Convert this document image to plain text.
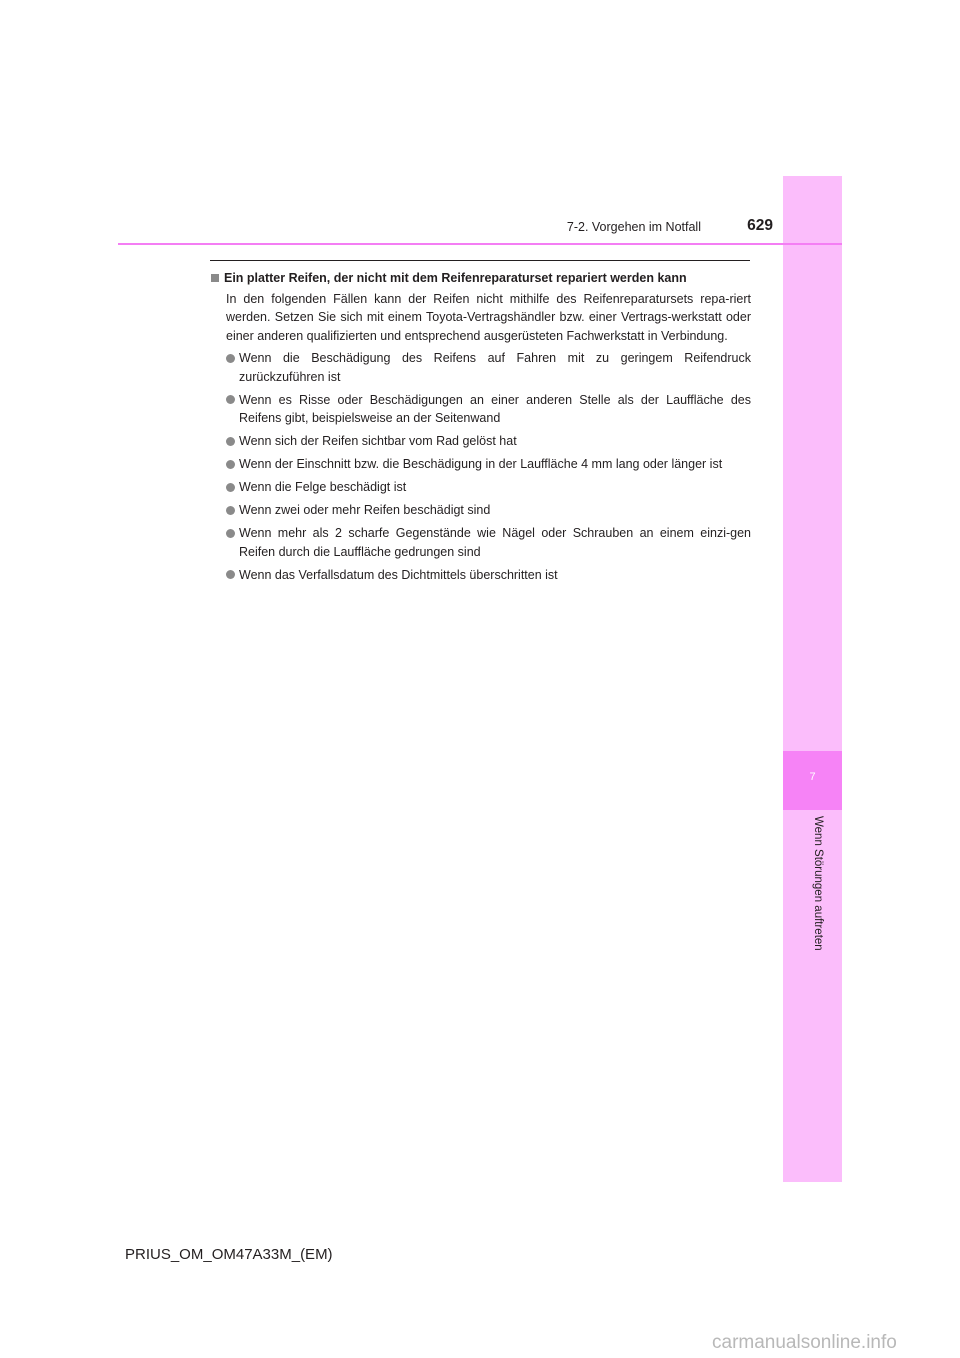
7
Wenn Störungen auftreten
7-2. Vorgehen im Notfall	629
Ein platter Reifen, der nicht mit dem Reifenreparaturset repariert werden kann
In den folgenden Fällen kann der Reifen nicht mithilfe des Reifenreparatursets repa-riert werden. Setzen Sie sich mit einem Toyota-Vertragshändler bzw. einer Vertrags-werkstatt oder einer anderen qualifizierten und entsprechend ausgerüsteten Fachwerkstatt in Verbindung.
Wenn die Beschädigung des Reifens auf Fahren mit zu geringem Reifendruck zurückzuführen ist
Wenn es Risse oder Beschädigungen an einer anderen Stelle als der Lauffläche des Reifens gibt, beispielsweise an der Seitenwand
Wenn sich der Reifen sichtbar vom Rad gelöst hat
Wenn der Einschnitt bzw. die Beschädigung in der Lauffläche 4 mm lang oder länger ist
Wenn die Felge beschädigt ist
Wenn zwei oder mehr Reifen beschädigt sind
Wenn mehr als 2 scharfe Gegenstände wie Nägel oder Schrauben an einem einzi-gen Reifen durch die Lauffläche gedrungen sind
Wenn das Verfallsdatum des Dichtmittels überschritten ist
PRIUS_OM_OM47A33M_(EM)
carmanualsonline.info
